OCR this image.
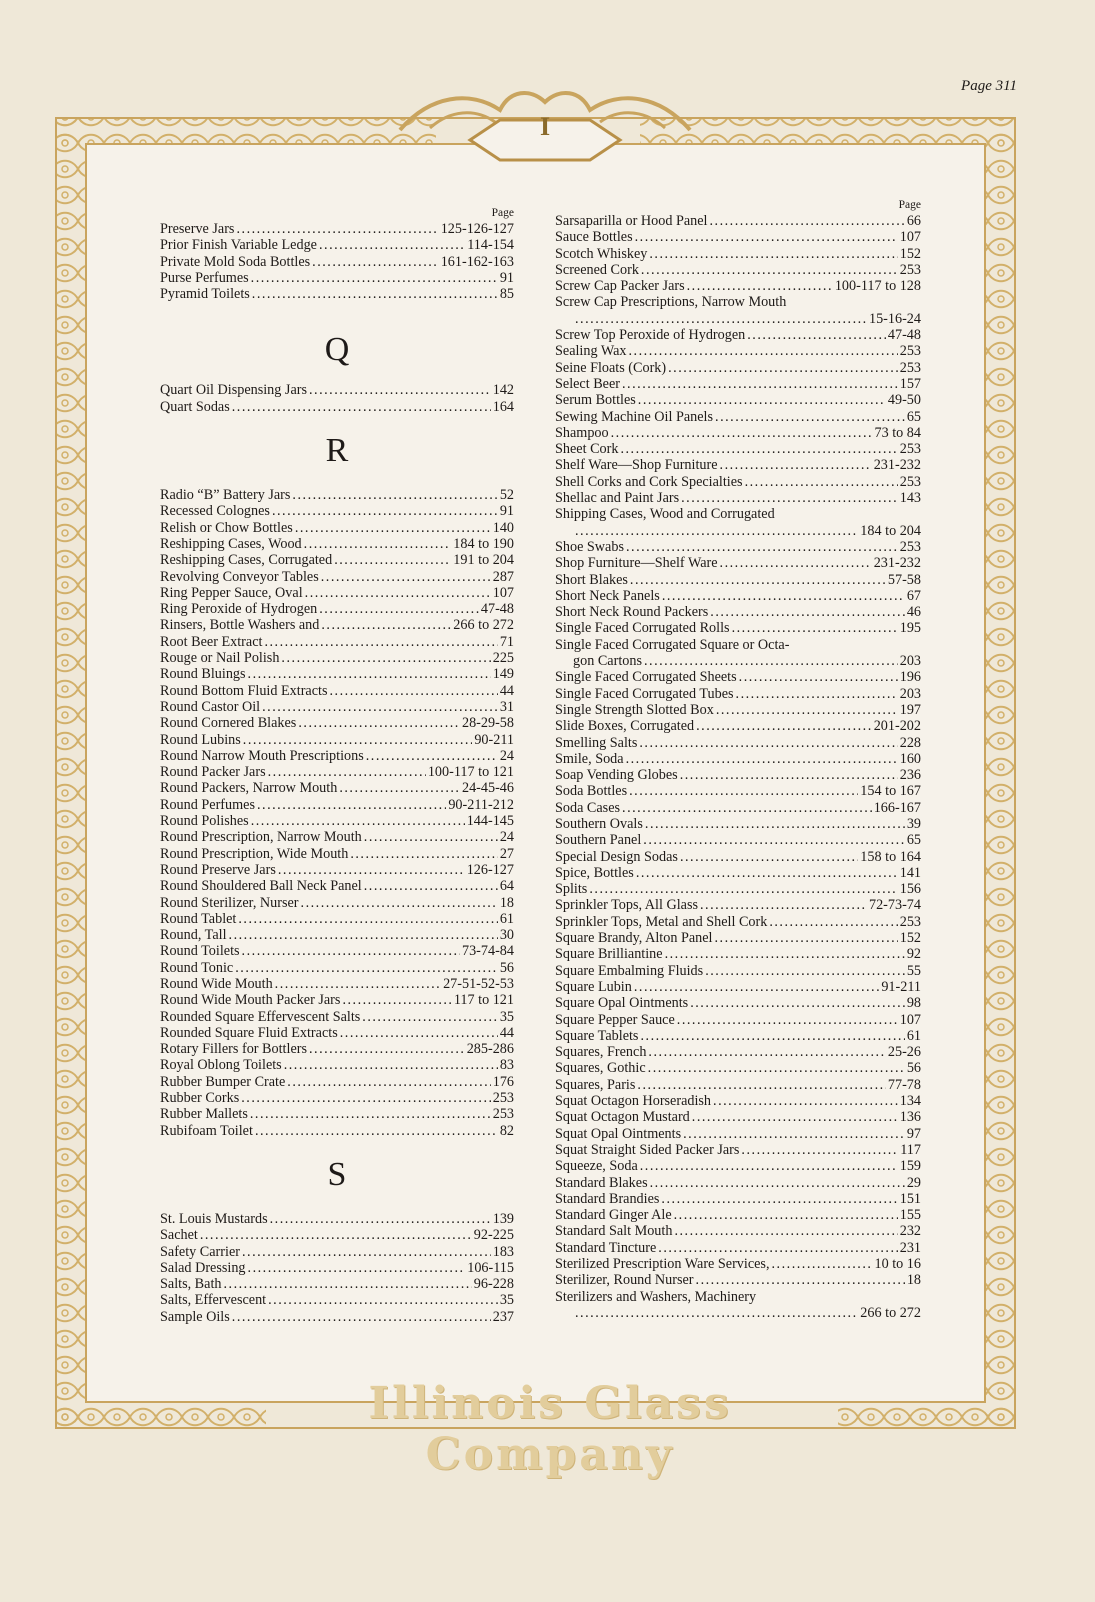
I
Page 311
Page
Preserve Jars .....	125-126-127
Prior Finish Variable Ledge .....	114-154
Private Mold Soda Bottles .....	161-162-163
Purse Perfumes .....	91
Pyramid Toilets .....	85
Q
Quart Oil Dispensing Jars .....	142
Quart Sodas .....	164
R
Radio “B” Battery Jars .....	52
Recessed Colognes .....	91
Relish or Chow Bottles .....	140
Reshipping Cases, Wood .....	184 to 190
Reshipping Cases, Corrugated .....	191 to 204
Revolving Conveyor Tables .....	287
Ring Pepper Sauce, Oval .....	107
Ring Peroxide of Hydrogen .....	47-48
Rinsers, Bottle Washers and .....	266 to 272
Root Beer Extract .....	71
Rouge or Nail Polish .....	225
Round Bluings .....	149
Round Bottom Fluid Extracts .....	44
Round Castor Oil .....	31
Round Cornered Blakes .....	28-29-58
Round Lubins .....	90-211
Round Narrow Mouth Prescriptions .....	24
Round Packer Jars .....	100-117 to 121
Round Packers, Narrow Mouth .....	24-45-46
Round Perfumes .....	90-211-212
Round Polishes .....	144-145
Round Prescription, Narrow Mouth .....	24
Round Prescription, Wide Mouth .....	27
Round Preserve Jars .....	126-127
Round Shouldered Ball Neck Panel .....	64
Round Sterilizer, Nurser .....	18
Round Tablet .....	61
Round, Tall .....	30
Round Toilets .....	73-74-84
Round Tonic .....	56
Round Wide Mouth .....	27-51-52-53
Round Wide Mouth Packer Jars .....	117 to 121
Rounded Square Effervescent Salts .....	35
Rounded Square Fluid Extracts .....	44
Rotary Fillers for Bottlers .....	285-286
Royal Oblong Toilets .....	83
Rubber Bumper Crate .....	176
Rubber Corks .....	253
Rubber Mallets .....	253
Rubifoam Toilet .....	82
S
St. Louis Mustards .....	139
Sachet .....	92-225
Safety Carrier .....	183
Salad Dressing .....	106-115
Salts, Bath .....	96-228
Salts, Effervescent .....	35
Sample Oils .....	237
Page
Sarsaparilla or Hood Panel .....	66
Sauce Bottles .....	107
Scotch Whiskey .....	152
Screened Cork .....	253
Screw Cap Packer Jars .....	100-117 to 128
Screw Cap Prescriptions, Narrow Mouth
.....
15-16-24
Screw Top Peroxide of Hydrogen .....	47-48
Sealing Wax .....	253
Seine Floats (Cork) .....	253
Select Beer .....	157
Serum Bottles .....	49-50
Sewing Machine Oil Panels .....	65
Shampoo .....	73 to 84
Sheet Cork .....	253
Shelf Ware—Shop Furniture .....	231-232
Shell Corks and Cork Specialties .....	253
Shellac and Paint Jars .....	143
Shipping Cases, Wood and Corrugated
.....
184 to 204
Shoe Swabs .....	253
Shop Furniture—Shelf Ware .....	231-232
Short Blakes .....	57-58
Short Neck Panels .....	67
Short Neck Round Packers .....	46
Single Faced Corrugated Rolls .....	195
Single Faced Corrugated Square or Octa-
gon Cartons .....	203
Single Faced Corrugated Sheets .....	196
Single Faced Corrugated Tubes .....	203
Single Strength Slotted Box .....	197
Slide Boxes, Corrugated .....	201-202
Smelling Salts .....	228
Smile, Soda .....	160
Soap Vending Globes .....	236
Soda Bottles .....	154 to 167
Soda Cases .....	166-167
Southern Ovals .....	39
Southern Panel .....	65
Special Design Sodas .....	158 to 164
Spice, Bottles .....	141
Splits .....	156
Sprinkler Tops, All Glass .....	72-73-74
Sprinkler Tops, Metal and Shell Cork .....	253
Square Brandy, Alton Panel .....	152
Square Brilliantine .....	92
Square Embalming Fluids .....	55
Square Lubin .....	91-211
Square Opal Ointments .....	98
Square Pepper Sauce .....	107
Square Tablets .....	61
Squares, French .....	25-26
Squares, Gothic .....	56
Squares, Paris .....	77-78
Squat Octagon Horseradish .....	134
Squat Octagon Mustard .....	136
Squat Opal Ointments .....	97
Squat Straight Sided Packer Jars .....	117
Squeeze, Soda .....	159
Standard Blakes .....	29
Standard Brandies .....	151
Standard Ginger Ale .....	155
Standard Salt Mouth .....	232
Standard Tincture .....	231
Sterilized Prescription Ware Services, .....	10 to 16
Sterilizer, Round Nurser .....	18
Sterilizers and Washers, Machinery
.....
266 to 272
Illinois Glass Company
